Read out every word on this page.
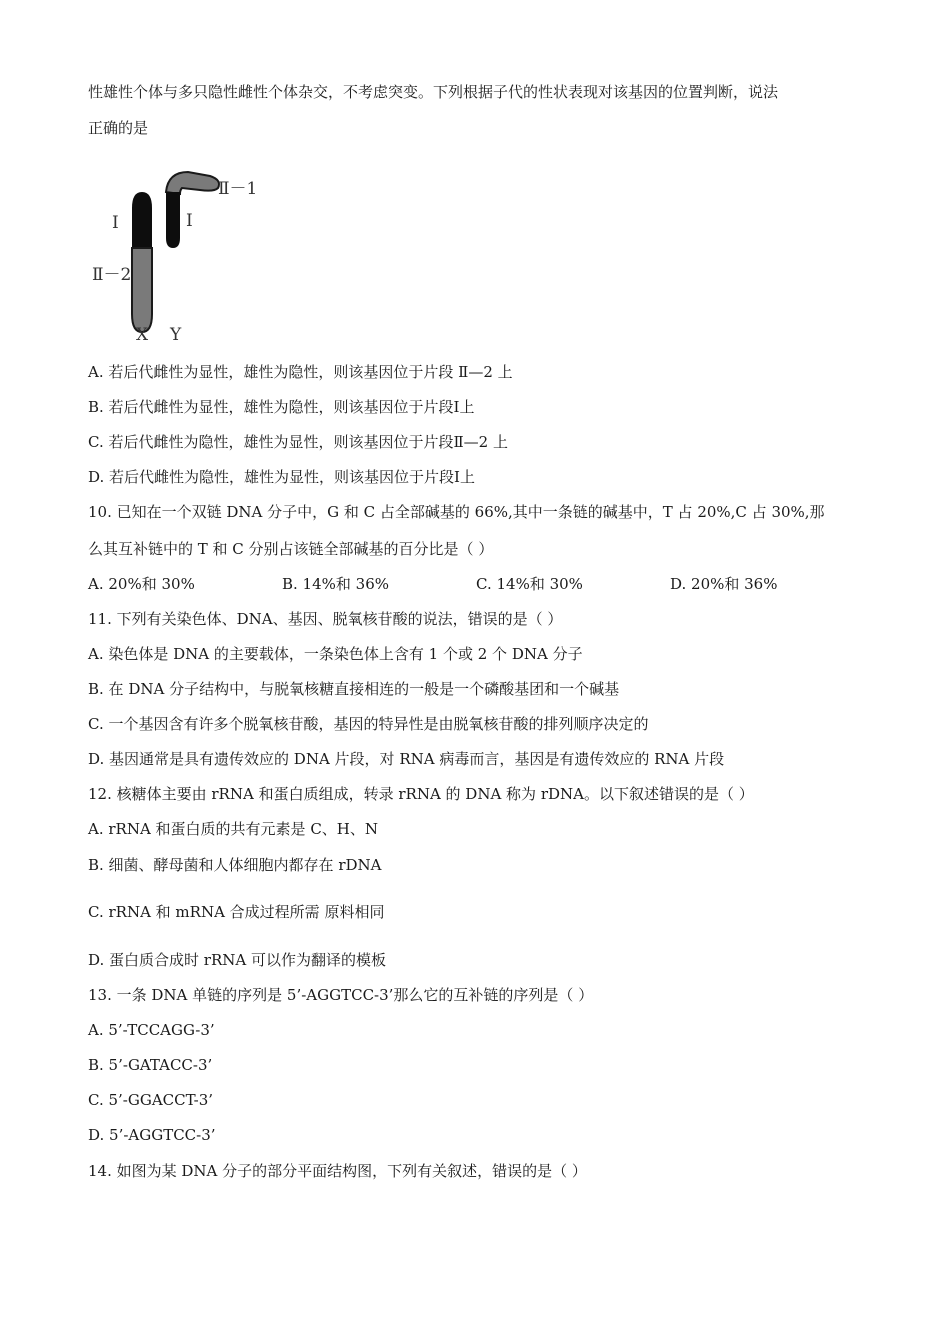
性雄性个体与多只隐性雌性个体杂交，不考虑突变。下列根据子代的性状表现对该基因的位置判断，说法
正确的是
I
Ⅱ－2
Ⅱ－1
I
X Y
A. 若后代雌性为显性，雄性为隐性，则该基因位于片段 Ⅱ—2 上
B. 若后代雌性为显性，雄性为隐性，则该基因位于片段Ⅰ上
C. 若后代雌性为隐性，雄性为显性，则该基因位于片段Ⅱ—2 上
D. 若后代雌性为隐性，雄性为显性，则该基因位于片段Ⅰ上
10. 已知在一个双链 DNA 分子中，G 和 C 占全部碱基的 66%,其中一条链的碱基中，T 占 20%,C 占 30%,那
么其互补链中的 T 和 C 分别占该链全部碱基的百分比是（ ）
A. 20%和 30%	B. 14%和 36%	C. 14%和 30%	D. 20%和 36%
11. 下列有关染色体、DNA、基因、脱氧核苷酸的说法，错误的是（ ）
A. 染色体是 DNA 的主要载体，一条染色体上含有 1 个或 2 个 DNA 分子
B. 在 DNA 分子结构中，与脱氧核糖直接相连的一般是一个磷酸基团和一个碱基
C. 一个基因含有许多个脱氧核苷酸，基因的特异性是由脱氧核苷酸的排列顺序决定的
D. 基因通常是具有遗传效应的 DNA 片段，对 RNA 病毒而言，基因是有遗传效应的 RNA 片段
12. 核糖体主要由 rRNA 和蛋白质组成，转录 rRNA 的 DNA 称为 rDNA。以下叙述错误的是（ ）
A. rRNA 和蛋白质的共有元素是 C、H、N
B. 细菌、酵母菌和人体细胞内都存在 rDNA
C. rRNA 和 mRNA 合成过程所需 原料相同
D. 蛋白质合成时 rRNA 可以作为翻译的模板
13. 一条 DNA 单链的序列是 5’-AGGTCC-3’那么它的互补链的序列是（ ）
A. 5’-TCCAGG-3’
B. 5’-GATACC-3’
C. 5’-GGACCT-3’
D. 5’-AGGTCC-3’
14. 如图为某 DNA 分子的部分平面结构图，下列有关叙述，错误的是（ ）
